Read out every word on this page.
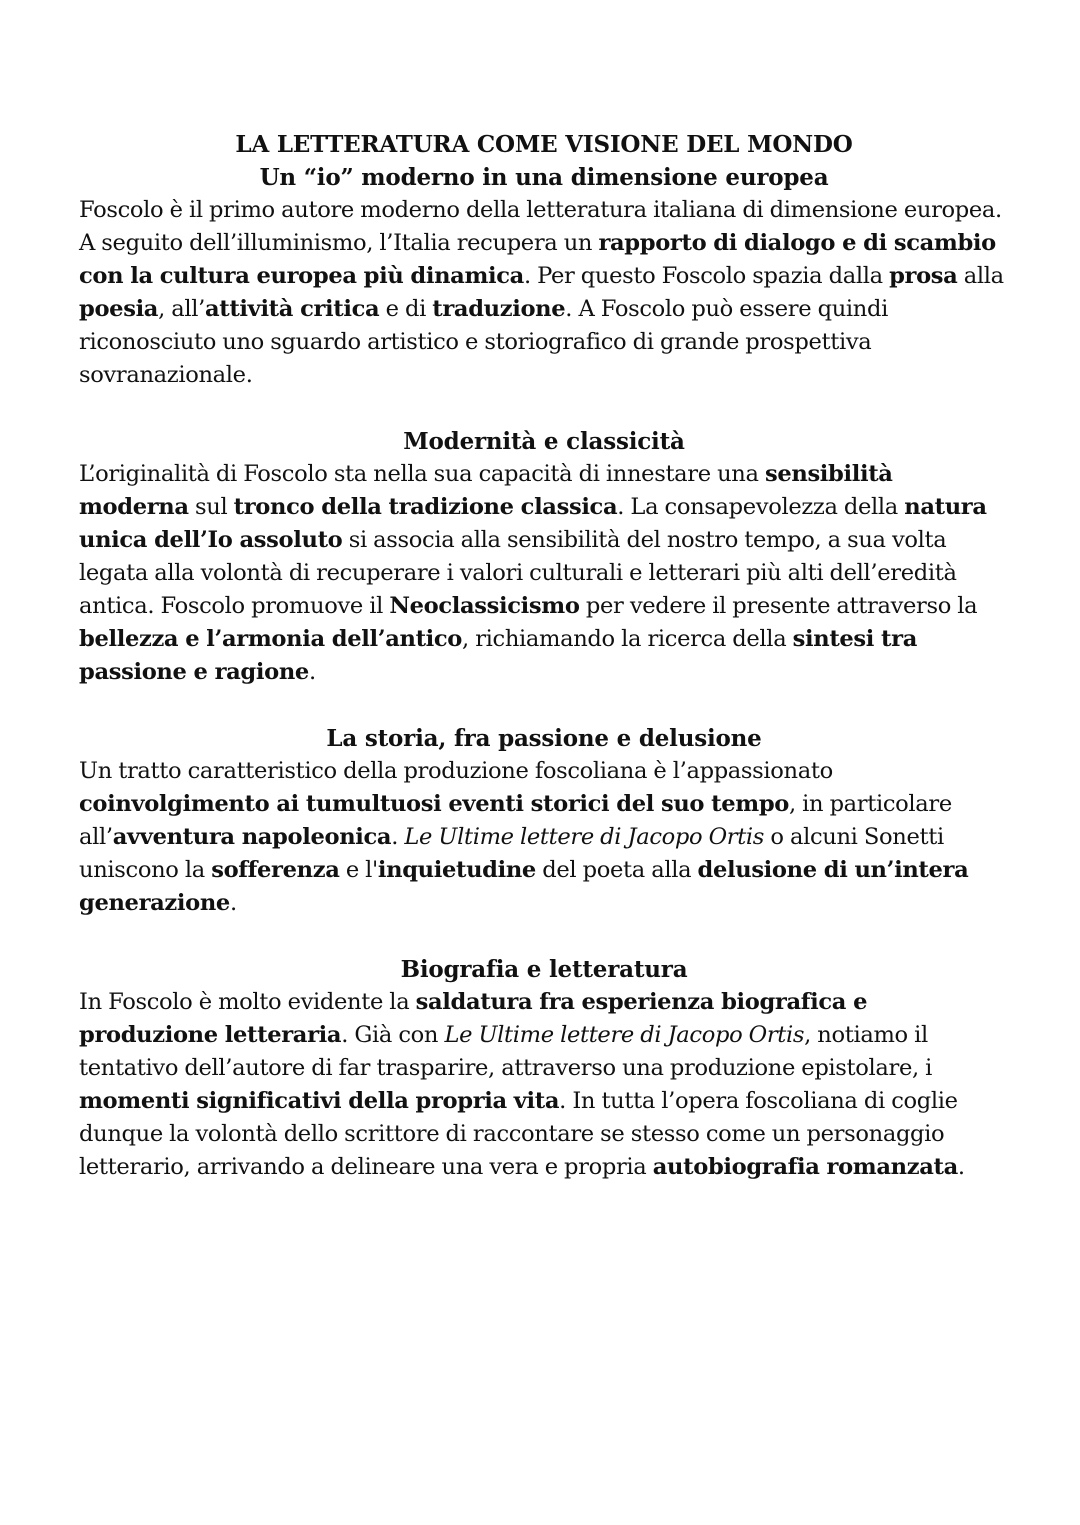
LA LETTERATURA COME VISIONE DEL MONDO
Un “io” moderno in una dimensione europea

Foscolo è il primo autore moderno della letteratura italiana di dimensione europea. A seguito dell’illuminismo, l’Italia recupera un rapporto di dialogo e di scambio con la cultura europea più dinamica. Per questo Foscolo spazia dalla prosa alla poesia, all’attività critica e di traduzione. A Foscolo può essere quindi riconosciuto uno sguardo artistico e storiografico di grande prospettiva sovranazionale.

Modernità e classicità

L’originalità di Foscolo sta nella sua capacità di innestare una sensibilità moderna sul tronco della tradizione classica. La consapevolezza della natura unica dell’Io assoluto si associa alla sensibilità del nostro tempo, a sua volta legata alla volontà di recuperare i valori culturali e letterari più alti dell’eredità antica. Foscolo promuove il Neoclassicismo per vedere il presente attraverso la bellezza e l’armonia dell’antico, richiamando la ricerca della sintesi tra passione e ragione.

La storia, fra passione e delusione

Un tratto caratteristico della produzione foscoliana è l’appassionato coinvolgimento ai tumultuosi eventi storici del suo tempo, in particolare all’avventura napoleonica. Le Ultime lettere di Jacopo Ortis o alcuni Sonetti uniscono la sofferenza e l'inquietudine del poeta alla delusione di un’intera generazione.

Biografia e letteratura

In Foscolo è molto evidente la saldatura fra esperienza biografica e produzione letteraria. Già con Le Ultime lettere di Jacopo Ortis, notiamo il tentativo dell’autore di far trasparire, attraverso una produzione epistolare, i momenti significativi della propria vita. In tutta l’opera foscoliana di coglie dunque la volontà dello scrittore di raccontare se stesso come un personaggio letterario, arrivando a delineare una vera e propria autobiografia romanzata.
